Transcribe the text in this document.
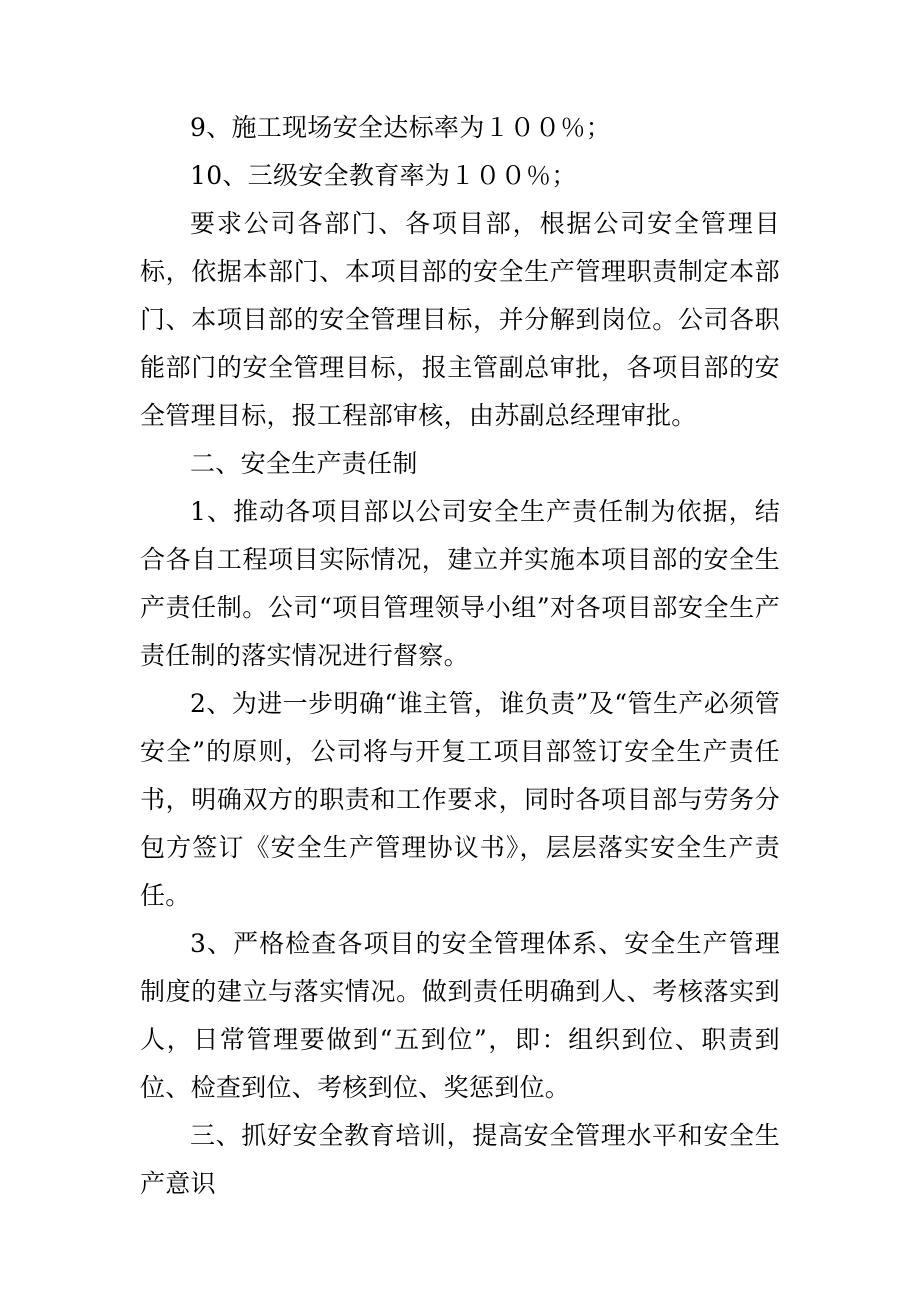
9、施工现场安全达标率为１００％；

10、三级安全教育率为１００％；

要求公司各部门、各项目部，根据公司安全管理目标，依据本部门、本项目部的安全生产管理职责制定本部门、本项目部的安全管理目标，并分解到岗位。公司各职能部门的安全管理目标，报主管副总审批，各项目部的安全管理目标，报工程部审核，由苏副总经理审批。

二、安全生产责任制

1、推动各项目部以公司安全生产责任制为依据，结合各自工程项目实际情况，建立并实施本项目部的安全生产责任制。公司“项目管理领导小组”对各项目部安全生产责任制的落实情况进行督察。

2、为进一步明确“谁主管，谁负责”及“管生产必须管安全”的原则，公司将与开复工项目部签订安全生产责任书，明确双方的职责和工作要求，同时各项目部与劳务分包方签订《安全生产管理协议书》，层层落实安全生产责任。

3、严格检查各项目的安全管理体系、安全生产管理制度的建立与落实情况。做到责任明确到人、考核落实到人，日常管理要做到“五到位”，即：组织到位、职责到位、检查到位、考核到位、奖惩到位。

三、抓好安全教育培训，提高安全管理水平和安全生产意识
